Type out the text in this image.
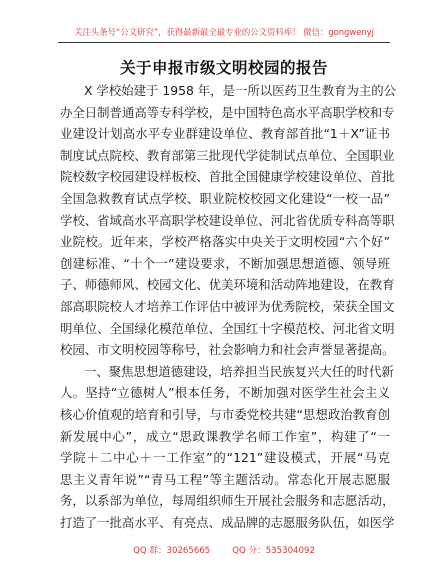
关注头条号“公文研究”，获得最新最全最专业的公文资料库！ 微信：gongwenyj
关于申报市级文明校园的报告
X 学校始建于 1958 年，是一所以医药卫生教育为主的公
办全日制普通高等专科学校，是中国特色高水平高职学校和专
业建设计划高水平专业群建设单位、教育部首批“1＋X”证书
制度试点院校、教育部第三批现代学徒制试点单位、全国职业
院校数字校园建设样板校、首批全国健康学校建设单位、首批
全国急救教育试点学校、职业院校校园文化建设“一校一品”
学校、省域高水平高职学校建设单位、河北省优质专科高等职
业院校。近年来，学校严格落实中央关于文明校园“六个好”
创建标准、“十个一”建设要求，不断加强思想道德、领导班
子、师德师风、校园文化、优美环境和活动阵地建设，在教育
部高职院校人才培养工作评估中被评为优秀院校，荣获全国文
明单位、全国绿化模范单位、全国红十字模范校、河北省文明
校园、市文明校园等称号，社会影响力和社会声誉显著提高。
一、聚焦思想道德建设，培养担当民族复兴大任的时代新
人。坚持“立德树人”根本任务，不断加强对医学生社会主义
核心价值观的培育和引导，与市委党校共建“思想政治教育创
新发展中心”，成立“思政课教学名师工作室”，构建了“一
学院＋二中心＋一工作室”的“121”建设模式，开展“马克
思主义青年说”“青马工程”等主题活动。常态化开展志愿服
务，以系部为单位，每周组织师生开展社会服务和志愿活动，
打造了一批高水平、有亮点、成品牌的志愿服务队伍，如医学
QQ 群：30265665	QQ 分：535304092
